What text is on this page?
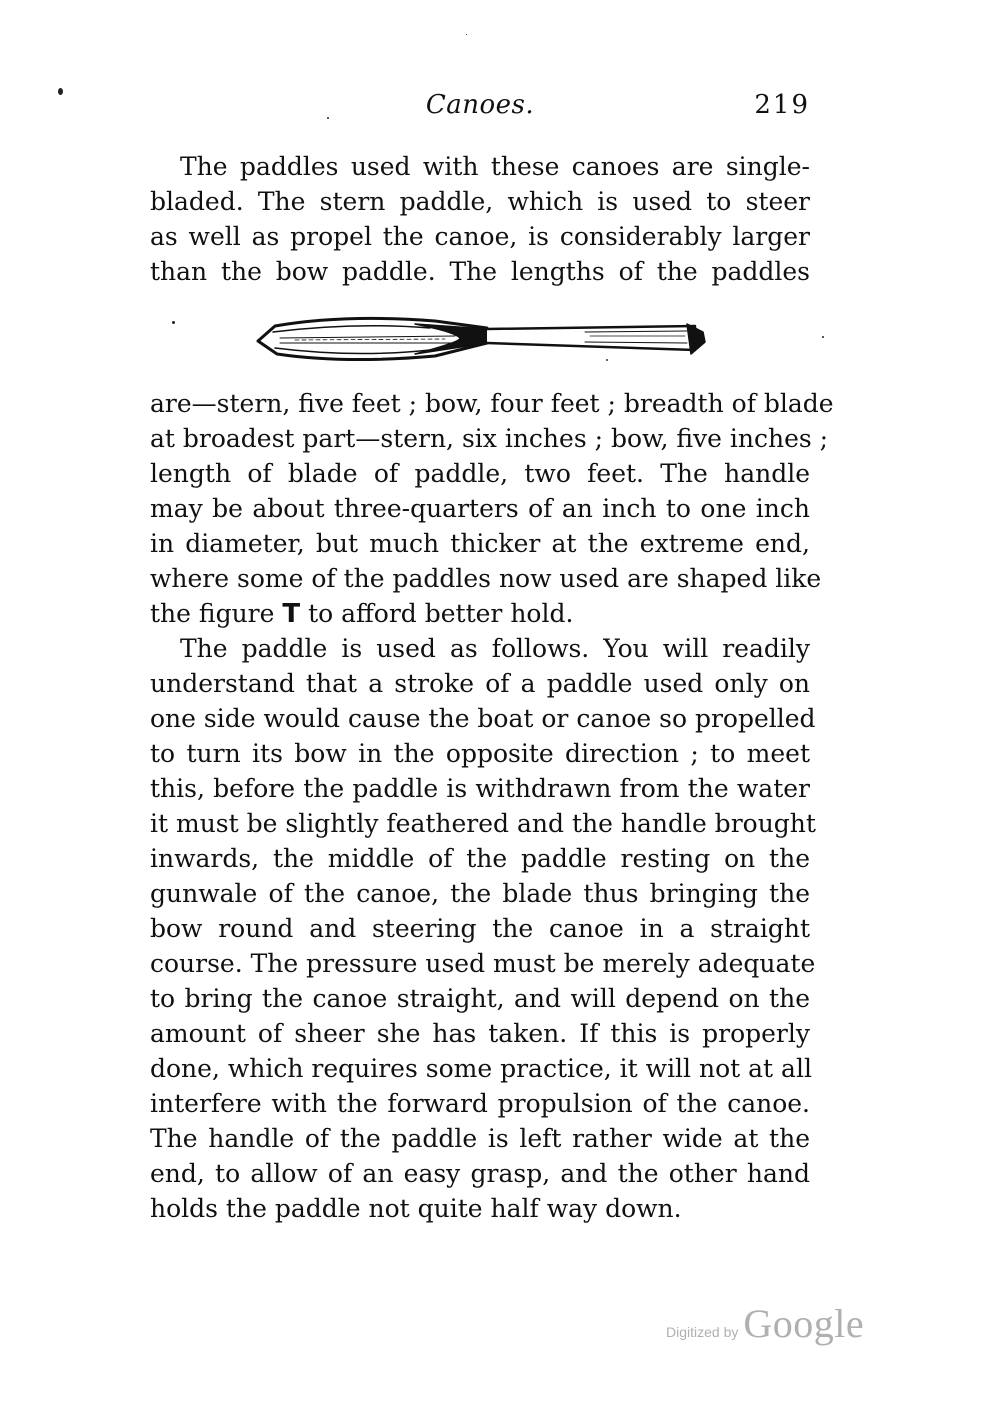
Canoes.	219
The paddles used with these canoes are single-
bladed. The stern paddle, which is used to steer
as well as propel the canoe, is considerably larger
than the bow paddle. The lengths of the paddles
are—stern, five feet ; bow, four feet ; breadth of blade
at broadest part—stern, six inches ; bow, five inches ;
length of blade of paddle, two feet. The handle
may be about three-quarters of an inch to one inch
in diameter, but much thicker at the extreme end,
where some of the paddles now used are shaped like
the figure T to afford better hold.
The paddle is used as follows. You will readily
understand that a stroke of a paddle used only on
one side would cause the boat or canoe so propelled
to turn its bow in the opposite direction ; to meet
this, before the paddle is withdrawn from the water
it must be slightly feathered and the handle brought
inwards, the middle of the paddle resting on the
gunwale of the canoe, the blade thus bringing the
bow round and steering the canoe in a straight
course. The pressure used must be merely adequate
to bring the canoe straight, and will depend on the
amount of sheer she has taken. If this is properly
done, which requires some practice, it will not at all
interfere with the forward propulsion of the canoe.
The handle of the paddle is left rather wide at the
end, to allow of an easy grasp, and the other hand
holds the paddle not quite half way down.
Digitized by Google
